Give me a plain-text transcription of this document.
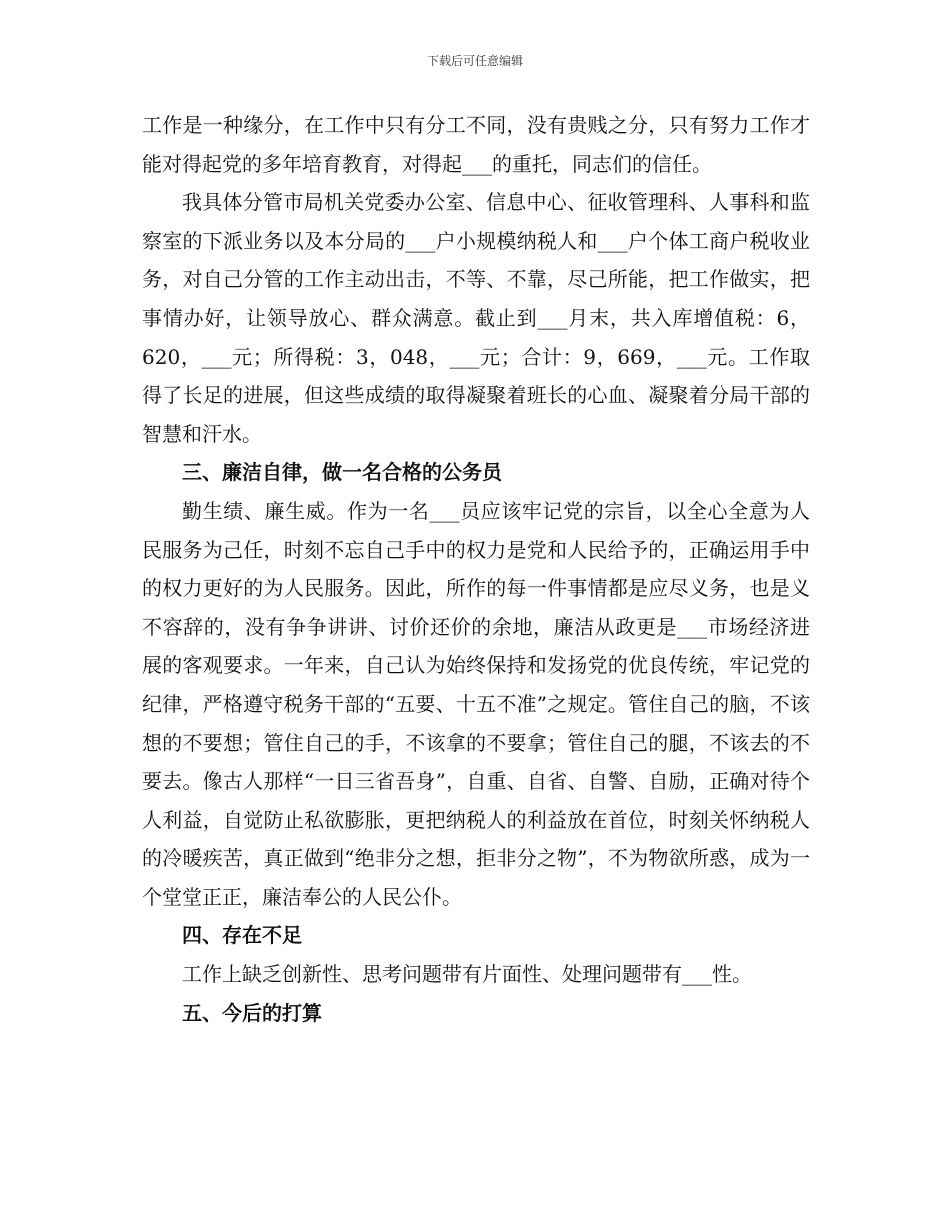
下载后可任意编辑

工作是一种缘分，在工作中只有分工不同，没有贵贱之分，只有努力工作才能对得起党的多年培育教育，对得起___的重托，同志们的信任。

我具体分管市局机关党委办公室、信息中心、征收管理科、人事科和监察室的下派业务以及本分局的___户小规模纳税人和___户个体工商户税收业务，对自己分管的工作主动出击，不等、不靠，尽己所能，把工作做实，把事情办好，让领导放心、群众满意。截止到___月末，共入库增值税：6，620，___元；所得税：3，048，___元；合计：9，669，___元。工作取得了长足的进展，但这些成绩的取得凝聚着班长的心血、凝聚着分局干部的智慧和汗水。

三、廉洁自律，做一名合格的公务员

勤生绩、廉生威。作为一名___员应该牢记党的宗旨，以全心全意为人民服务为己任，时刻不忘自己手中的权力是党和人民给予的，正确运用手中的权力更好的为人民服务。因此，所作的每一件事情都是应尽义务，也是义不容辞的，没有争争讲讲、讨价还价的余地，廉洁从政更是___市场经济进展的客观要求。一年来，自己认为始终保持和发扬党的优良传统，牢记党的纪律，严格遵守税务干部的“五要、十五不准”之规定。管住自己的脑，不该想的不要想；管住自己的手，不该拿的不要拿；管住自己的腿，不该去的不要去。像古人那样“一日三省吾身”，自重、自省、自警、自励，正确对待个人利益，自觉防止私欲膨胀，更把纳税人的利益放在首位，时刻关怀纳税人的冷暖疾苦，真正做到“绝非分之想，拒非分之物”，不为物欲所惑，成为一个堂堂正正，廉洁奉公的人民公仆。

四、存在不足

工作上缺乏创新性、思考问题带有片面性、处理问题带有___性。

五、今后的打算
